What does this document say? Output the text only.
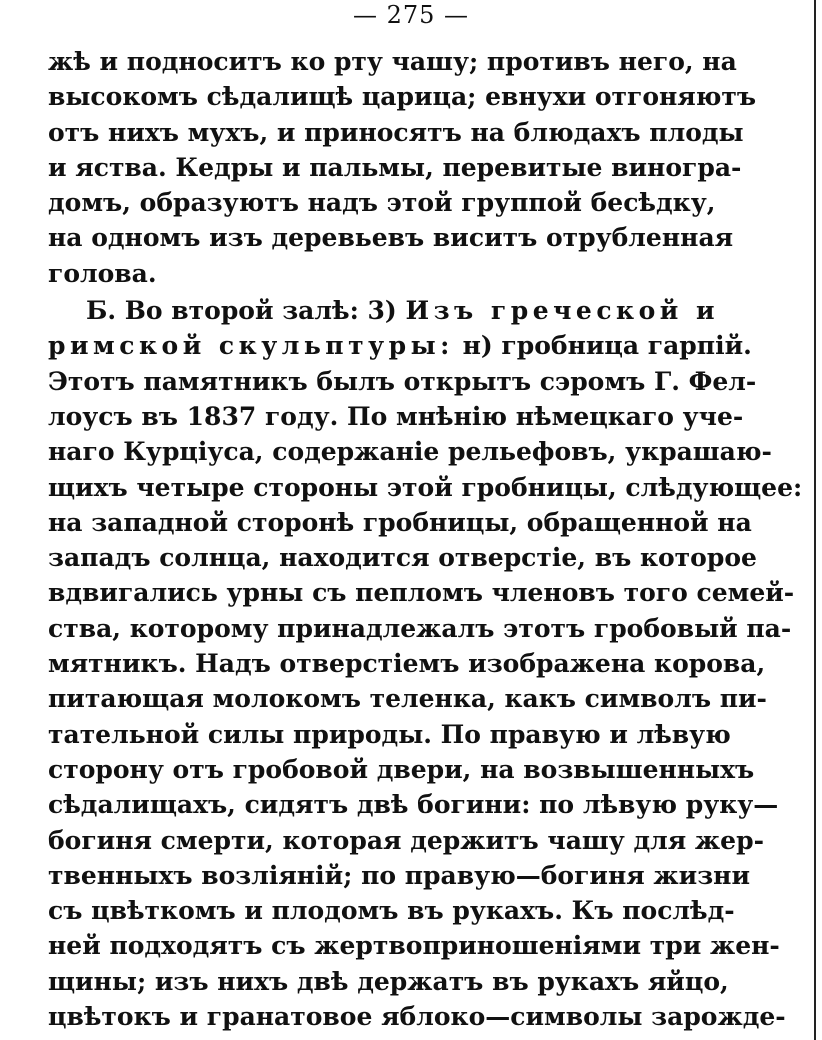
— 275 —
жѣ и подноситъ ко рту чашу; противъ него, на
высокомъ сѣдалищѣ царица; евнухи отгоняютъ
отъ нихъ мухъ, и приносятъ на блюдахъ плоды
и яства. Кедры и пальмы, перевитые виногра-
домъ, образуютъ надъ этой группой бесѣдку,
на одномъ изъ деревьевъ виситъ отрубленная
голова.
Б. Во второй залѣ: 3) Изъ греческой и
римской скульптуры: н) гробница гарпій.
Этотъ памятникъ былъ открытъ сэромъ Г. Фел-
лоусъ въ 1837 году. По мнѣнію нѣмецкаго уче-
наго Курціуса, содержаніе рельефовъ, украшаю-
щихъ четыре стороны этой гробницы, слѣдующее:
на западной сторонѣ гробницы, обращенной на
западъ солнца, находится отверстіе, въ которое
вдвигались урны съ пепломъ членовъ того семей-
ства, которому принадлежалъ этотъ гробовый па-
мятникъ. Надъ отверстіемъ изображена корова,
питающая молокомъ теленка, какъ символъ пи-
тательной силы природы. По правую и лѣвую
сторону отъ гробовой двери, на возвышенныхъ
сѣдалищахъ, сидятъ двѣ богини: по лѣвую руку—
богиня смерти, которая держитъ чашу для жер-
твенныхъ возліяній; по правую—богиня жизни
съ цвѣткомъ и плодомъ въ рукахъ. Къ послѣд-
ней подходятъ съ жертвоприношеніями три жен-
щины; изъ нихъ двѣ держатъ въ рукахъ яйцо,
цвѣтокъ и гранатовое яблоко—символы зарожде-
